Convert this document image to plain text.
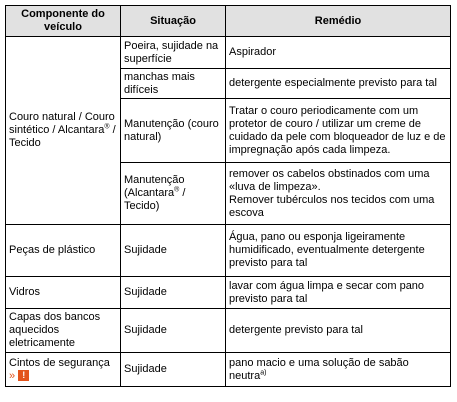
Componente do veículo	Situação	Remédio
Couro natural / Couro sintético / Alcantara® / Tecido	Poeira, sujidade na superfície	Aspirador
	manchas mais difíceis	detergente especialmente previsto para tal
	Manutenção (couro natural)	Tratar o couro periodicamente com um protetor de couro / utilizar um creme de cuidado da pele com bloqueador de luz e de impregnação após cada limpeza.
	Manutenção (Alcantara® / Tecido)	remover os cabelos obstinados com uma «luva de limpeza».
Remover tubérculos nos tecidos com uma escova

Peças de plástico	Sujidade	Água, pano ou esponja ligeiramente humidificado, eventualmente detergente previsto para tal
Vidros	Sujidade	lavar com água limpa e secar com pano previsto para tal
Capas dos bancos aquecidos eletricamente	Sujidade	detergente previsto para tal
Cintos de segurança » !	Sujidade	pano macio e uma solução de sabão neutra$^{a)}$
